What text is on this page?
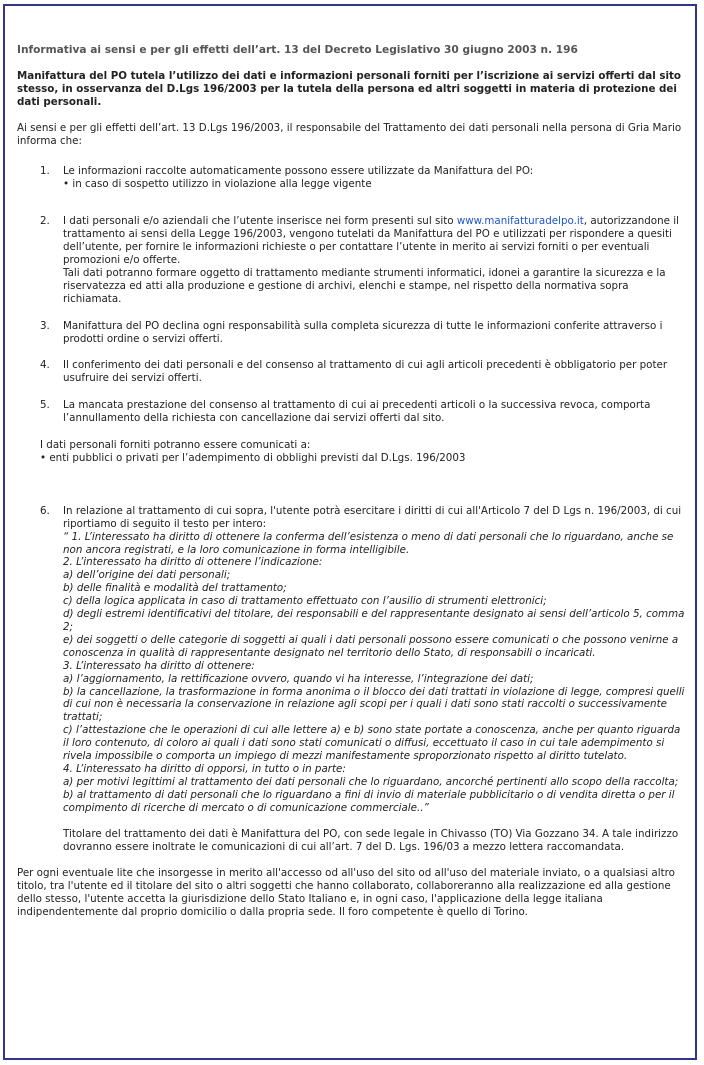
Informativa ai sensi e per gli effetti dell’art. 13 del Decreto Legislativo 30 giugno 2003 n. 196

Manifattura del PO tutela l’utilizzo dei dati e informazioni personali forniti per l’iscrizione ai servizi offerti dal sito stesso, in osservanza del D.Lgs 196/2003 per la tutela della persona ed altri soggetti in materia di protezione dei dati personali.

Ai sensi e per gli effetti dell’art. 13 D.Lgs 196/2003, il responsabile del Trattamento dei dati personali nella persona di Gria Mario informa che:

1. Le informazioni raccolte automaticamente possono essere utilizzate da Manifattura del PO:

• in caso di sospetto utilizzo in violazione alla legge vigente

2. I dati personali e/o aziendali che l’utente inserisce nei form presenti sul sito www.manifatturadelpo.it, autorizzandone il trattamento ai sensi della Legge 196/2003, vengono tutelati da Manifattura del PO e utilizzati per rispondere a quesiti dell’utente, per fornire le informazioni richieste o per contattare l’utente in merito ai servizi forniti o per eventuali promozioni e/o offerte.

Tali dati potranno formare oggetto di trattamento mediante strumenti informatici, idonei a garantire la sicurezza e la riservatezza ed atti alla produzione e gestione di archivi, elenchi e stampe, nel rispetto della normativa sopra richiamata.

3. Manifattura del PO declina ogni responsabilità sulla completa sicurezza di tutte le informazioni conferite attraverso i prodotti ordine o servizi offerti.

4. Il conferimento dei dati personali e del consenso al trattamento di cui agli articoli precedenti è obbligatorio per poter usufruire dei servizi offerti.

5. La mancata prestazione del consenso al trattamento di cui ai precedenti articoli o la successiva revoca, comporta l’annullamento della richiesta con cancellazione dai servizi offerti dal sito.

I dati personali forniti potranno essere comunicati a:

• enti pubblici o privati per l’adempimento di obblighi previsti dal D.Lgs. 196/2003

6. In relazione al trattamento di cui sopra, l'utente potrà esercitare i diritti di cui all'Articolo 7 del D Lgs n. 196/2003, di cui riportiamo di seguito il testo per intero:

“ 1. L’interessato ha diritto di ottenere la conferma dell’esistenza o meno di dati personali che lo riguardano, anche se non ancora registrati, e la loro comunicazione in forma intelligibile.

2. L’interessato ha diritto di ottenere l’indicazione:

a) dell’origine dei dati personali;

b) delle finalità e modalità del trattamento;

c) della logica applicata in caso di trattamento effettuato con l’ausilio di strumenti elettronici;

d) degli estremi identificativi del titolare, dei responsabili e del rappresentante designato ai sensi dell’articolo 5, comma 2;

e) dei soggetti o delle categorie di soggetti ai quali i dati personali possono essere comunicati o che possono venirne a conoscenza in qualità di rappresentante designato nel territorio dello Stato, di responsabili o incaricati.

3. L’interessato ha diritto di ottenere:

a) l’aggiornamento, la rettificazione ovvero, quando vi ha interesse, l’integrazione dei dati;

b) la cancellazione, la trasformazione in forma anonima o il blocco dei dati trattati in violazione di legge, compresi quelli di cui non è necessaria la conservazione in relazione agli scopi per i quali i dati sono stati raccolti o successivamente trattati;

c) l’attestazione che le operazioni di cui alle lettere a) e b) sono state portate a conoscenza, anche per quanto riguarda il loro contenuto, di coloro ai quali i dati sono stati comunicati o diffusi, eccettuato il caso in cui tale adempimento si rivela impossibile o comporta un impiego di mezzi manifestamente sproporzionato rispetto al diritto tutelato.

4. L’interessato ha diritto di opporsi, in tutto o in parte:

a) per motivi legittimi al trattamento dei dati personali che lo riguardano, ancorché pertinenti allo scopo della raccolta;

b) al trattamento di dati personali che lo riguardano a fini di invio di materiale pubblicitario o di vendita diretta o per il compimento di ricerche di mercato o di comunicazione commerciale..”

Titolare del trattamento dei dati è Manifattura del PO, con sede legale in Chivasso (TO) Via Gozzano 34. A tale indirizzo dovranno essere inoltrate le comunicazioni di cui all’art. 7 del D. Lgs. 196/03 a mezzo lettera raccomandata.

Per ogni eventuale lite che insorgesse in merito all'accesso od all'uso del sito od all'uso del materiale inviato, o a qualsiasi altro titolo, tra l'utente ed il titolare del sito o altri soggetti che hanno collaborato, collaboreranno alla realizzazione ed alla gestione dello stesso, l'utente accetta la giurisdizione dello Stato Italiano e, in ogni caso, l'applicazione della legge italiana indipendentemente dal proprio domicilio o dalla propria sede. Il foro competente è quello di Torino.
